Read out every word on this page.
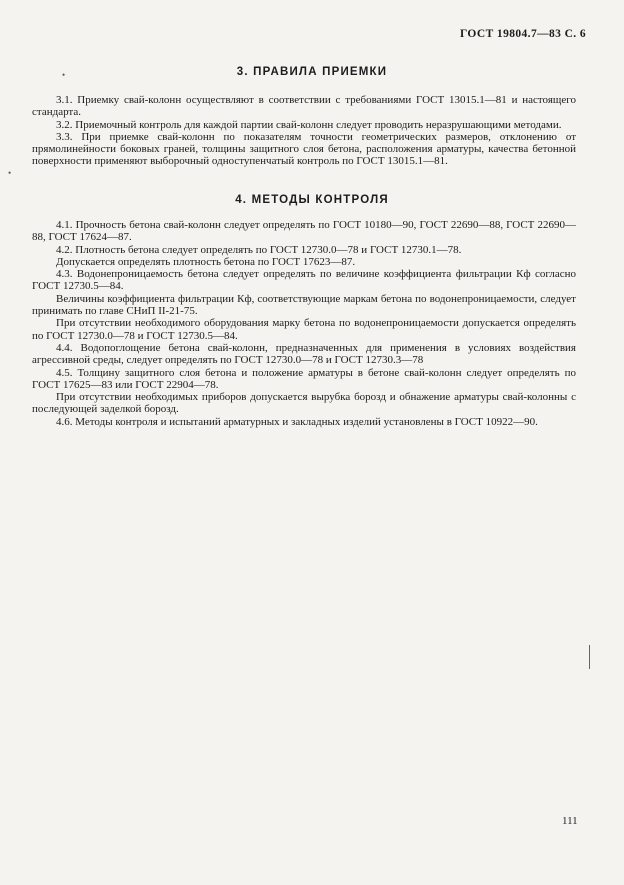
ГОСТ 19804.7—83 С. 6
3. ПРАВИЛА ПРИЕМКИ

3.1. Приемку свай-колонн осуществляют в соответствии с требованиями ГОСТ 13015.1—81 и настоящего стандарта.

3.2. Приемочный контроль для каждой партии свай-колонн следует проводить неразрушающими методами.

3.3. При приемке свай-колонн по показателям точности геометрических размеров, отклонению от прямолинейности боковых граней, толщины защитного слоя бетона, расположения арматуры, качества бетонной поверхности применяют выборочный одноступенчатый контроль по ГОСТ 13015.1—81.

4. МЕТОДЫ КОНТРОЛЯ

4.1. Прочность бетона свай-колонн следует определять по ГОСТ 10180—90, ГОСТ 22690—88, ГОСТ 22690—88, ГОСТ 17624—87.

4.2. Плотность бетона следует определять по ГОСТ 12730.0—78 и ГОСТ 12730.1—78.

Допускается определять плотность бетона по ГОСТ 17623—87.

4.3. Водонепроницаемость бетона следует определять по величине коэффициента фильтрации Кф согласно ГОСТ 12730.5—84.

Величины коэффициента фильтрации Кф, соответствующие маркам бетона по водонепроницаемости, следует принимать по главе СНиП II-21-75.

При отсутствии необходимого оборудования марку бетона по водонепроницаемости допускается определять по ГОСТ 12730.0—78 и ГОСТ 12730.5—84.

4.4. Водопоглощение бетона свай-колонн, предназначенных для применения в условиях воздействия агрессивной среды, следует определять по ГОСТ 12730.0—78 и ГОСТ 12730.3—78

4.5. Толщину защитного слоя бетона и положение арматуры в бетоне свай-колонн следует определять по ГОСТ 17625—83 или ГОСТ 22904—78.

При отсутствии необходимых приборов допускается вырубка борозд и обнажение арматуры свай-колонны с последующей заделкой борозд.

4.6. Методы контроля и испытаний арматурных и закладных изделий установлены в ГОСТ 10922—90.

111
•
•
